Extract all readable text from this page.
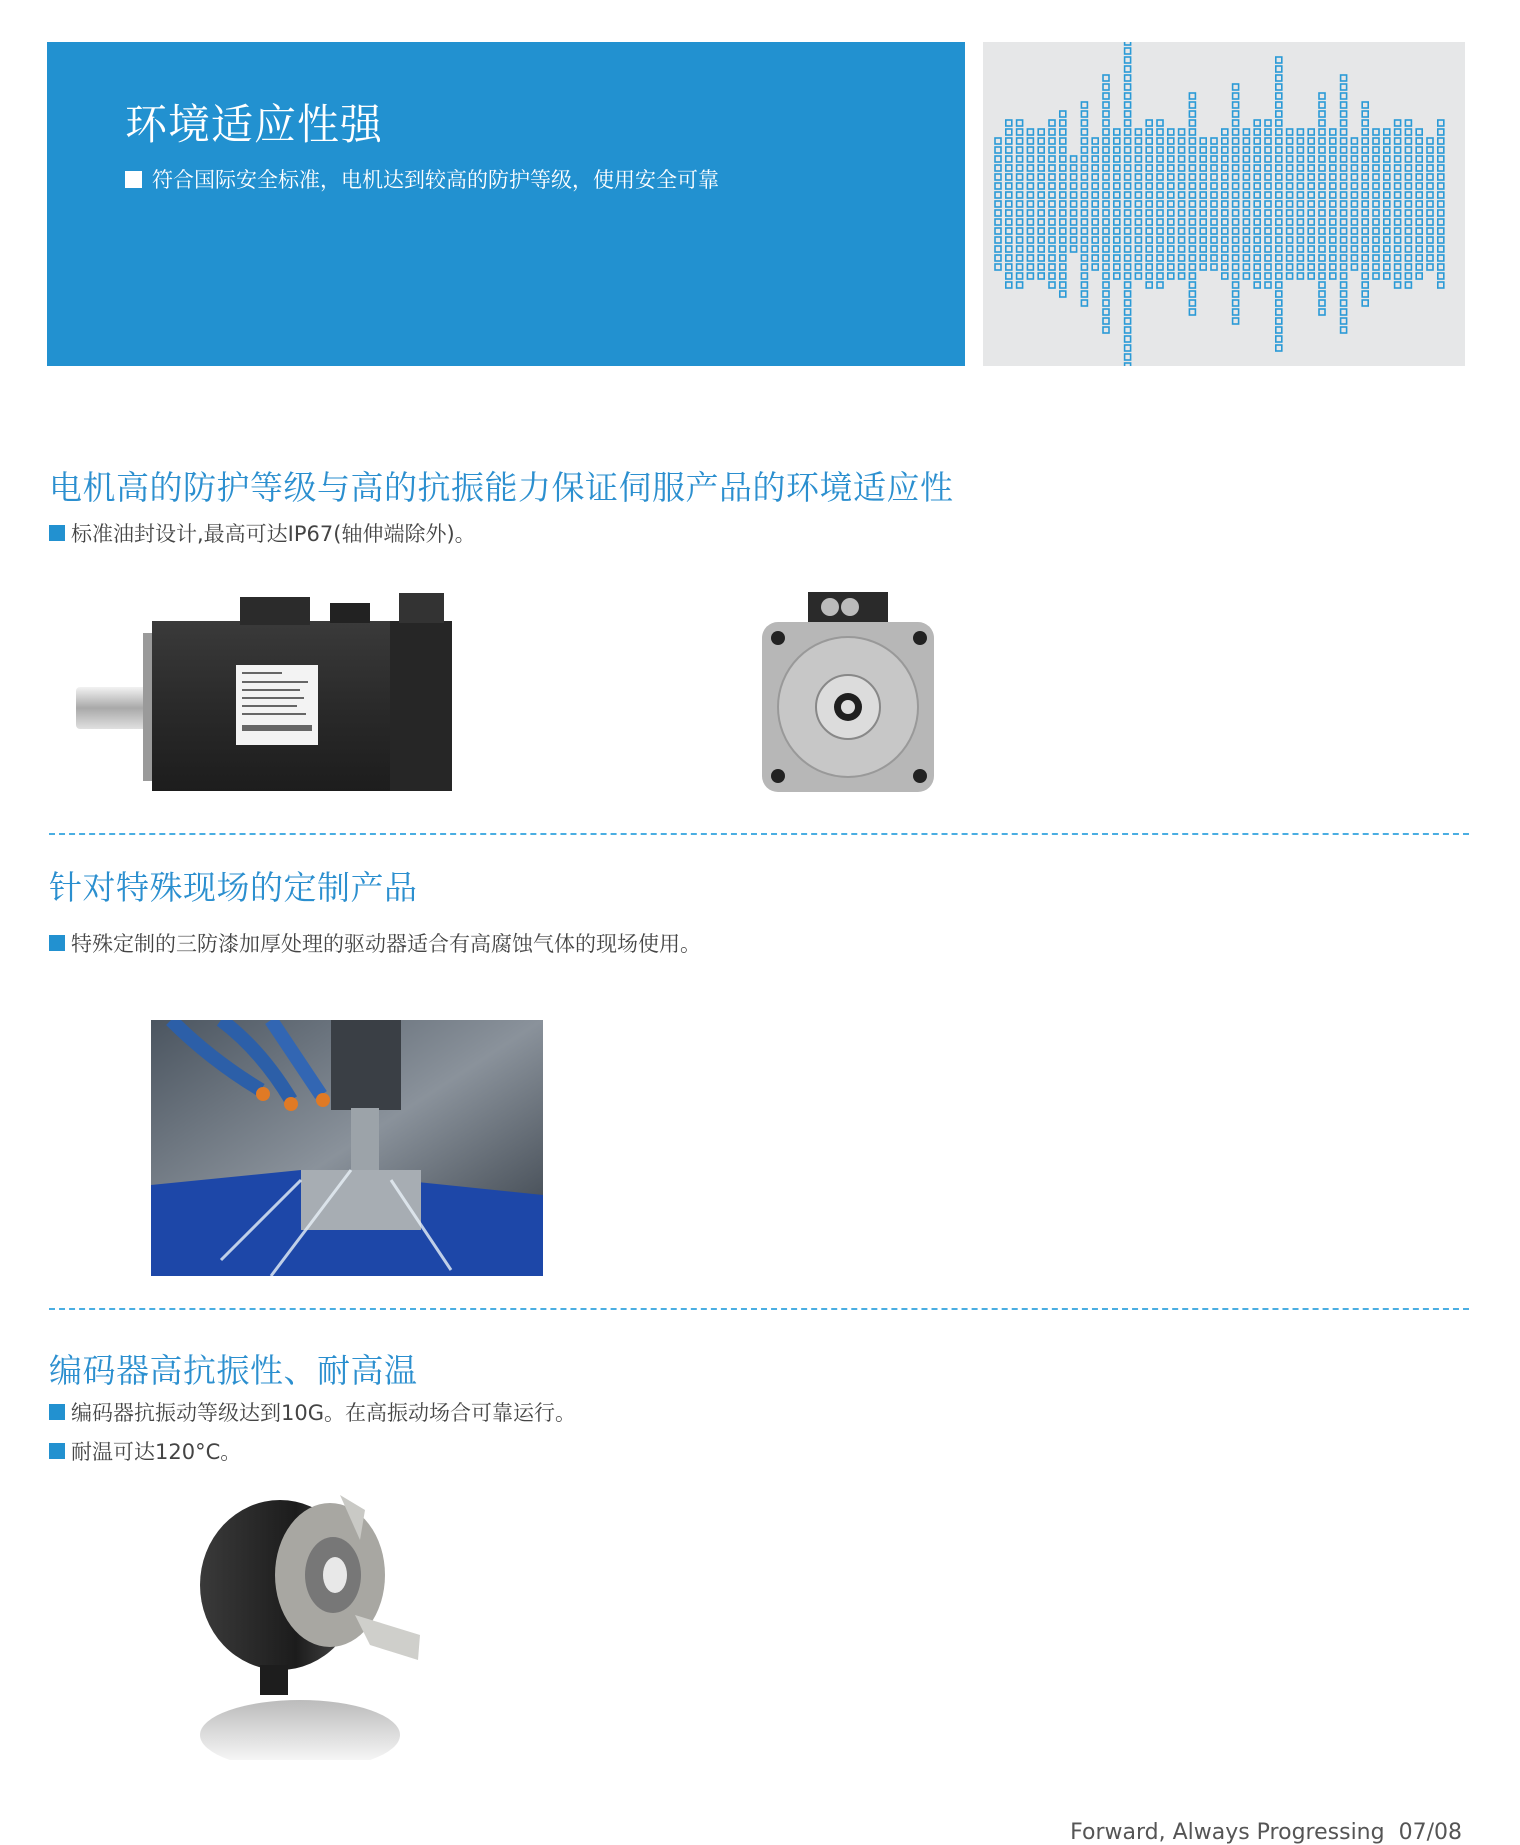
环境适应性强
符合国际安全标准，电机达到较高的防护等级，使用安全可靠
电机高的防护等级与高的抗振能力保证伺服产品的环境适应性
标准油封设计,最高可达IP67(轴伸端除外)。
针对特殊现场的定制产品
特殊定制的三防漆加厚处理的驱动器适合有高腐蚀气体的现场使用。
编码器高抗振性、耐高温
编码器抗振动等级达到10G。在高振动场合可靠运行。
耐温可达120°C。
Forward, Always Progressing 07/08
